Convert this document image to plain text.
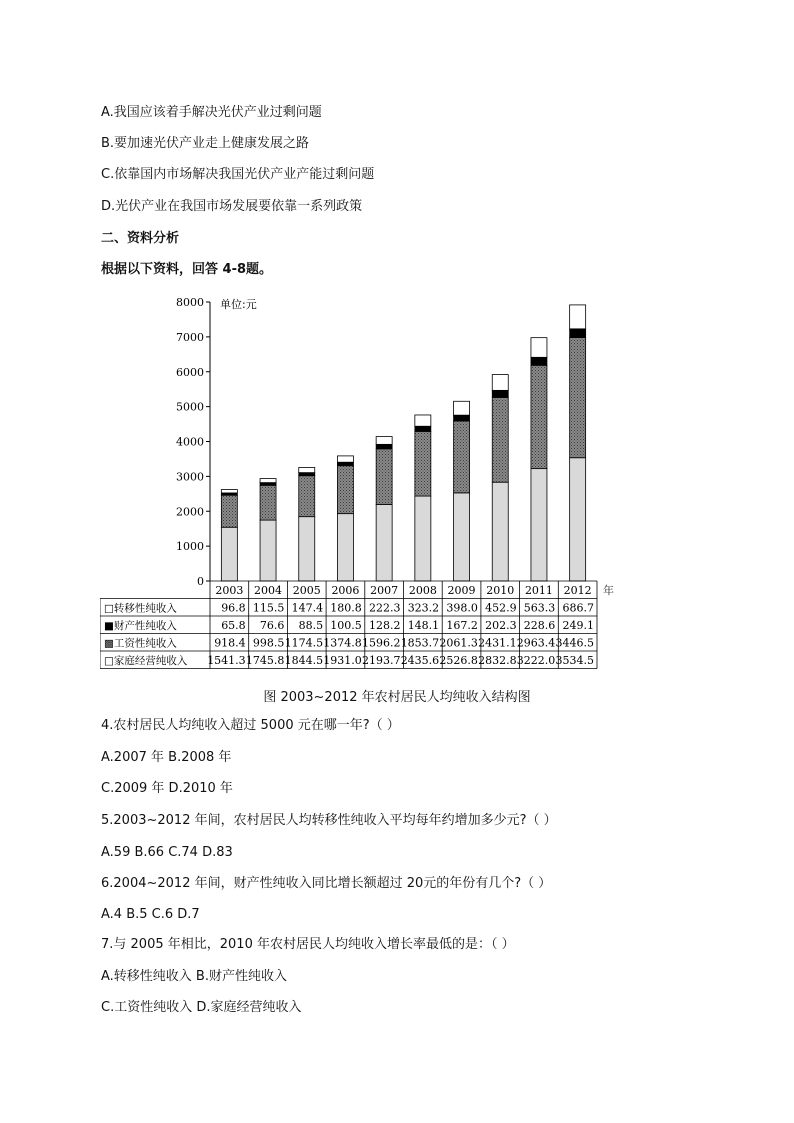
A.我国应该着手解决光伏产业过剩问题
B.要加速光伏产业走上健康发展之路
C.依靠国内市场解决我国光伏产业产能过剩问题
D.光伏产业在我国市场发展要依靠一系列政策
二、资料分析
根据以下资料，回答 4-8题。
0
1000
2000
3000
4000
5000
6000
7000
8000 单位:元
2003 2004 2005 2006 2007 2008 2009 2010 2011 2012 年
□转移性纯收入	96.8 115.5 147.4 180.8 222.3 323.2 398.0 452.9 563.3 686.7
■财产性纯收入	65.8 76.6 88.5 100.5 128.2 148.1 167.2 202.3 228.6 249.1
▩工资性纯收入	918.4 998.5 1174.5 1374.8 1596.2 1853.7 2061.3 2431.1 2963.4 3446.5
□家庭经营纯收入 1541.3 1745.8 1844.5 1931.0 2193.7 2435.6 2526.8 2832.8 3222.0 3534.5
图 2003~2012 年农村居民人均纯收入结构图
4.农村居民人均纯收入超过 5000 元在哪一年?（ ）
A.2007 年 B.2008 年
C.2009 年 D.2010 年
5.2003~2012 年间，农村居民人均转移性纯收入平均每年约增加多少元?（ ）
A.59 B.66 C.74 D.83
6.2004~2012 年间，财产性纯收入同比增长额超过 20元的年份有几个?（ ）
A.4 B.5 C.6 D.7
7.与 2005 年相比，2010 年农村居民人均纯收入增长率最低的是：（ ）
A.转移性纯收入 B.财产性纯收入
C.工资性纯收入 D.家庭经营纯收入
